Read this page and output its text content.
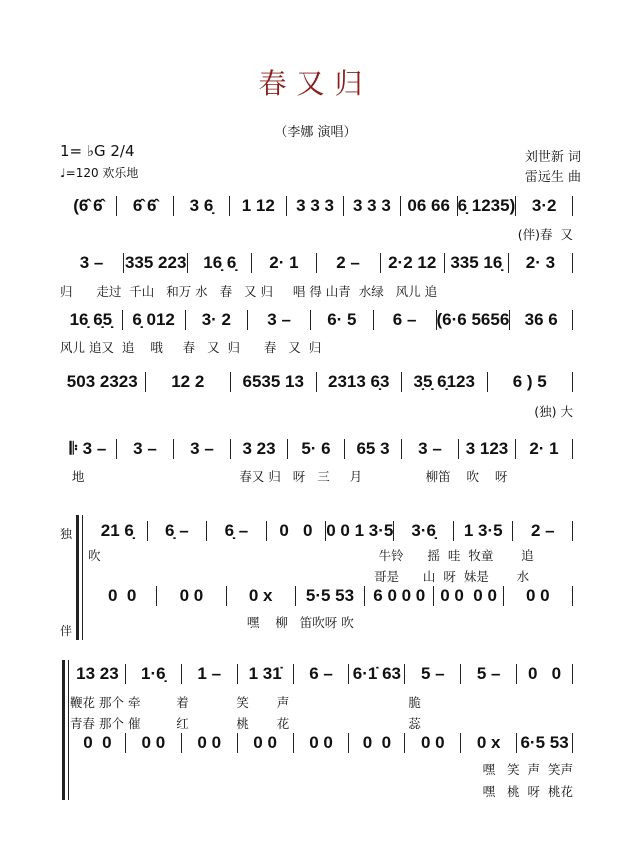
春又归
（李娜 演唱）
1= ♭G 2/4
♩=120 欢乐地
刘世新 词
雷远生 曲
(6̂ 6̂	6̂ 6̂	3 6̣	1 12	3 3 3	3 3 3 06 66 6̣ 1235) 3·2
3 –	335 223 16̣ 6̣	2· 1	2 –	2·2 12 335 16̣	2· 3
16̣ 6̣5̣	6̣ 012	3· 2	3 –	6· 5	6 –	(6·6 5656 36 6
503 2323	12 2	6535 13	2313 6̣3	3̣5̣ 6̣123	6 ) 5
𝄆 3 –	3 –	3 –	3 23	5· 6	65 3	3 –	3 123	2· 1
21 6̣	6̣ –	6̣ –	0   0 0 0 1 3·5	3·6̣	1 3·5	2 –
0  0	0 0	0 x	5·5 53	6 0 0 0 0 0  0 0	0 0
13 23	1·6̣	1 –	1 31̇	6 –	6·1̇ 63	5 –	5 –	0   0
0  0	0 0	0 0	0 0	0 0	0  0	0 0	0 x	6·5 53
(伴)春  又
归      走过  千山   和万 水   春   又 归     唱 得 山青  水绿   风儿 追
风儿 追又  追    哦     春   又  归      春   又  归
(独) 大
地                                       春又 归   呀   三     月                柳笛    吹    呀
吹                                                                      牛铃      摇  哇  牧童       追
哥是      山  呀  妹是       水
嘿    柳   笛吹呀 吹
鞭花 那个 牵         着            笑       声                              脆
青春 那个 催         红            桃       花                              蕊
嘿   笑  声  笑声
嘿   桃  呀  桃花
独
伴
